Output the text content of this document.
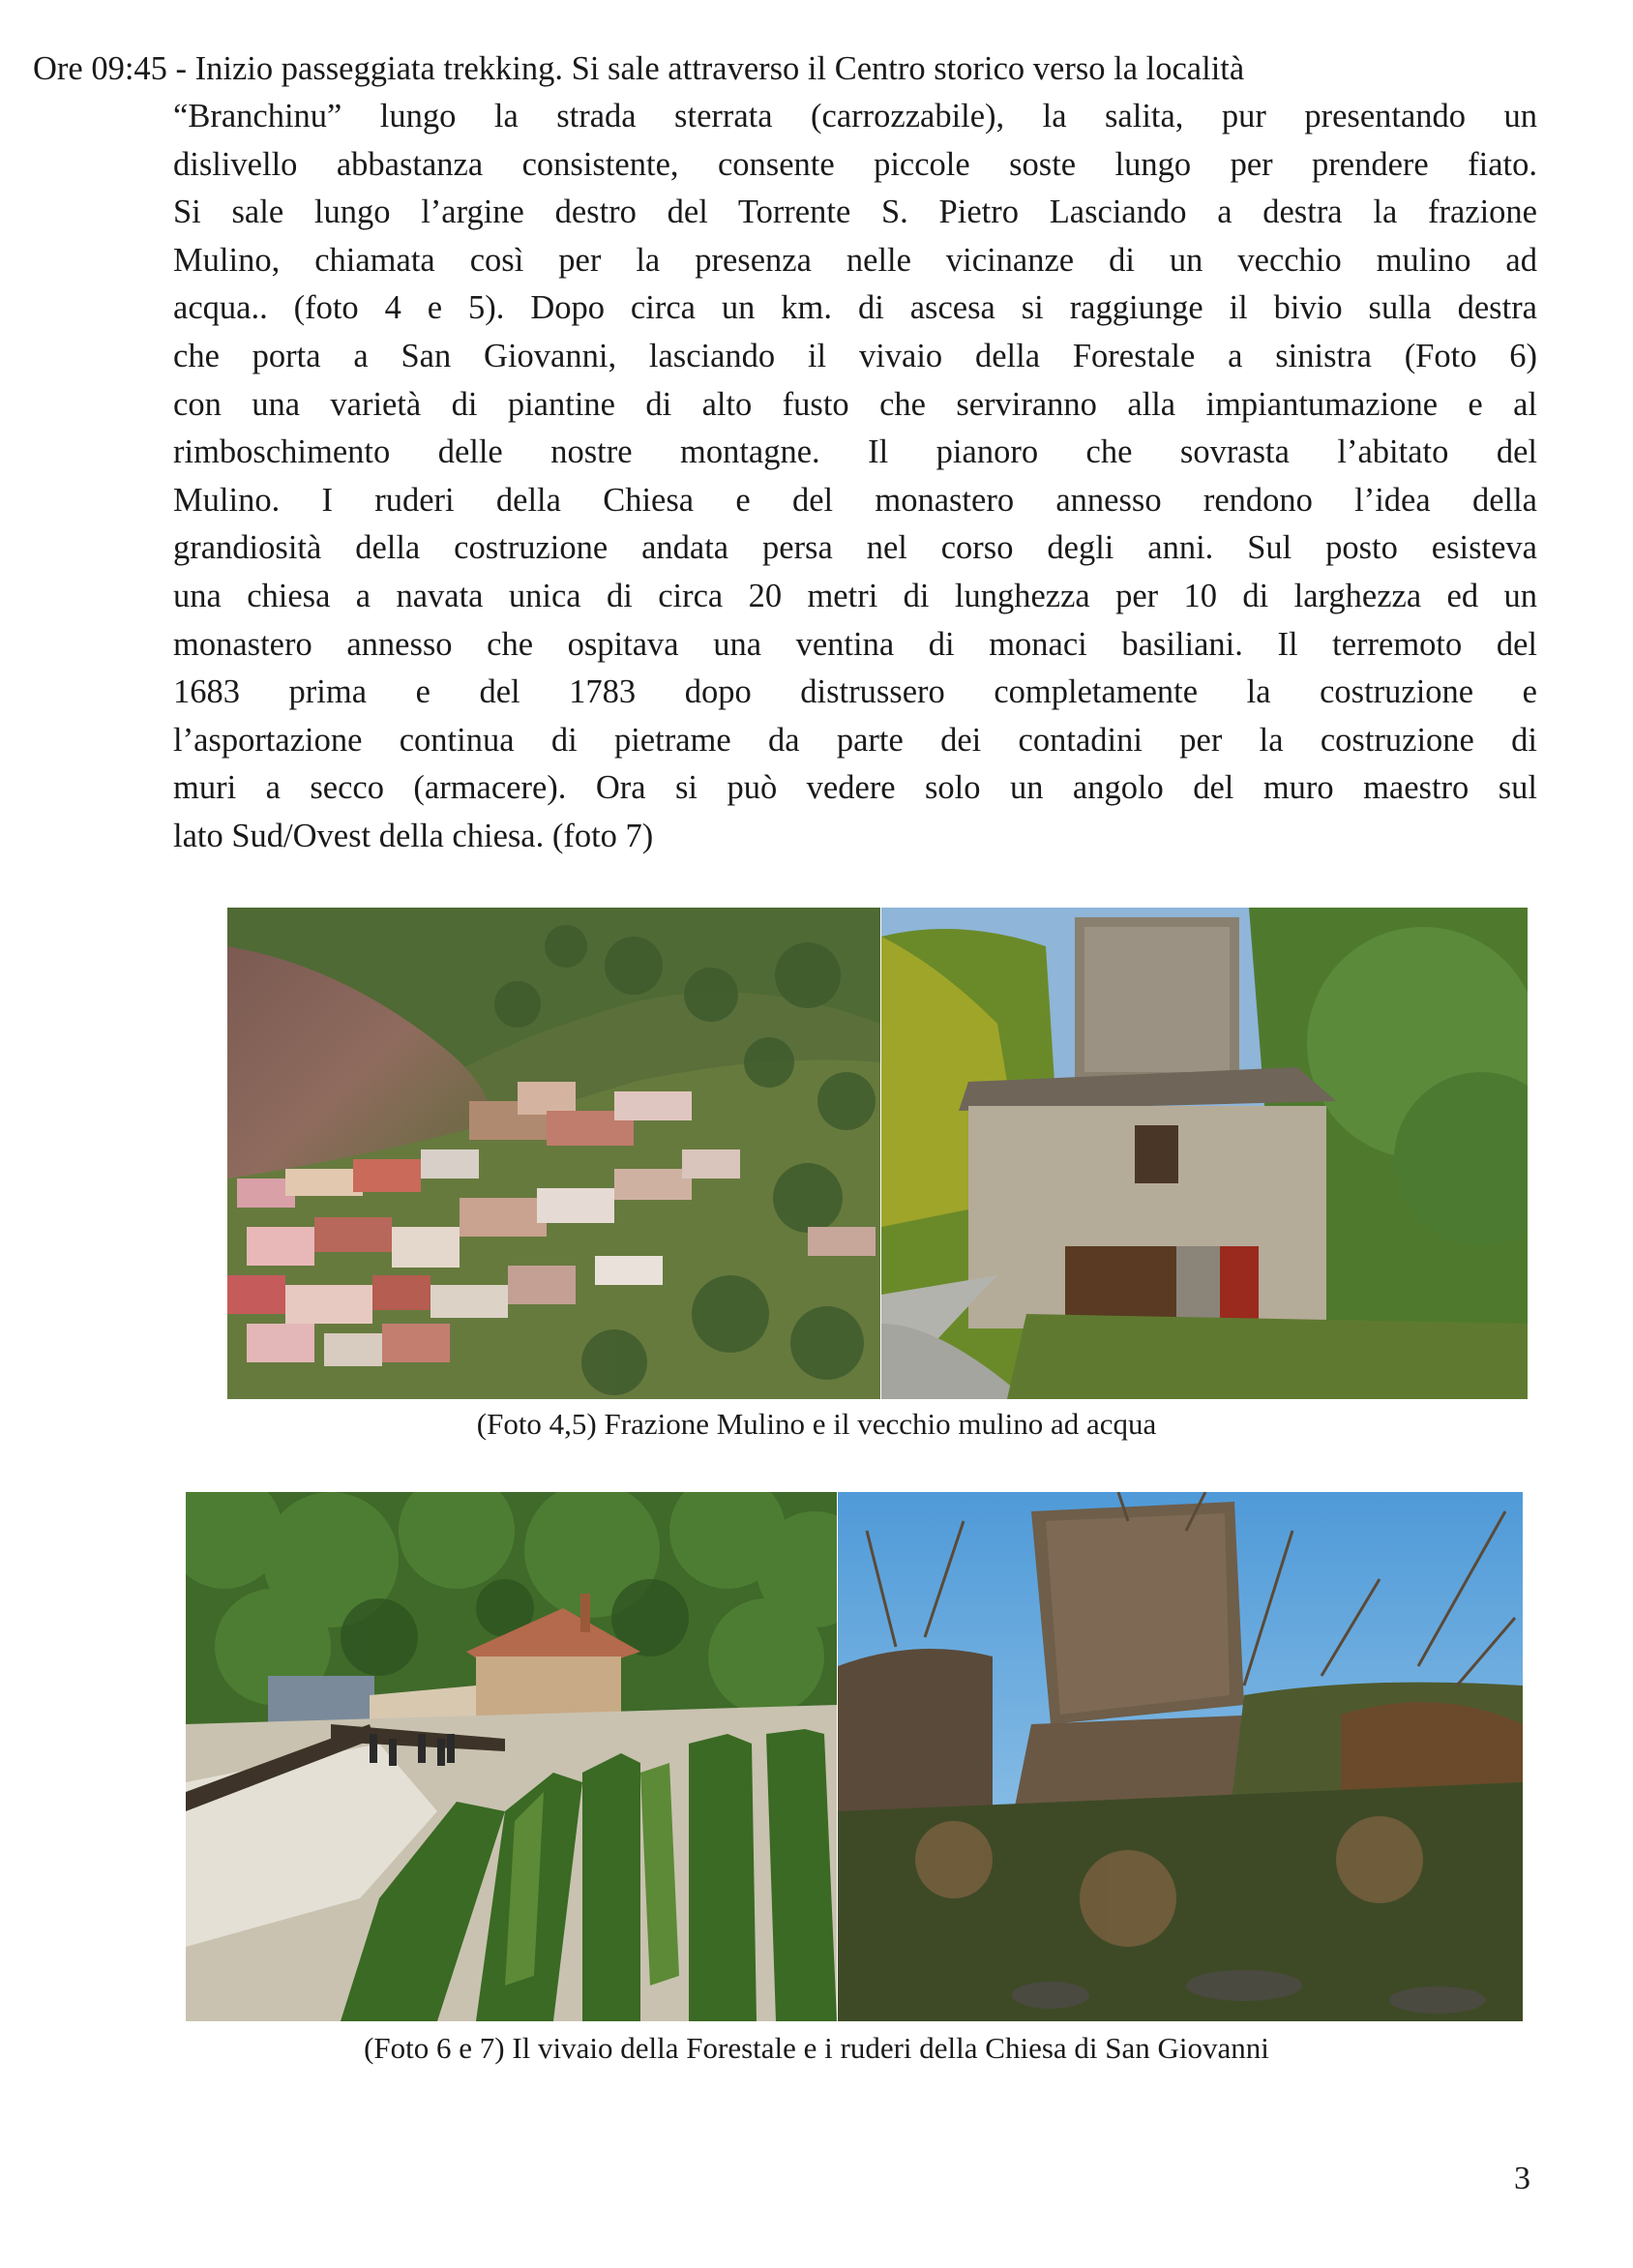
Ore 09:45 - Inizio passeggiata trekking. Si sale attraverso il Centro storico verso la località
“Branchinu” lungo la strada sterrata (carrozzabile), la salita, pur presentando un
dislivello abbastanza consistente, consente piccole soste lungo per prendere fiato.
Si sale lungo l’argine destro del Torrente S. Pietro Lasciando a destra la frazione
Mulino, chiamata così per la presenza nelle vicinanze di un vecchio mulino ad
acqua.. (foto 4 e 5). Dopo circa un km. di ascesa si raggiunge il bivio sulla destra
che porta a San Giovanni, lasciando il vivaio della Forestale a sinistra (Foto 6)
con una varietà di piantine di alto fusto che serviranno alla impiantumazione e al
rimboschimento delle nostre montagne. Il pianoro che sovrasta l’abitato del
Mulino. I ruderi della Chiesa e del monastero annesso rendono l’idea della
grandiosità della costruzione andata persa nel corso degli anni. Sul posto esisteva
una chiesa a navata unica di circa 20 metri di lunghezza per 10 di larghezza ed un
monastero annesso che ospitava una ventina di monaci basiliani. Il terremoto del
1683 prima e del 1783 dopo distrussero completamente la costruzione e
l’asportazione continua di pietrame da parte dei contadini per la costruzione di
muri a secco (armacere). Ora si può vedere solo un angolo del muro maestro sul
lato Sud/Ovest della chiesa. (foto 7)
(Foto 4,5) Frazione Mulino e il vecchio mulino ad acqua
(Foto 6 e 7) Il vivaio della Forestale e i ruderi della Chiesa di San Giovanni
3
